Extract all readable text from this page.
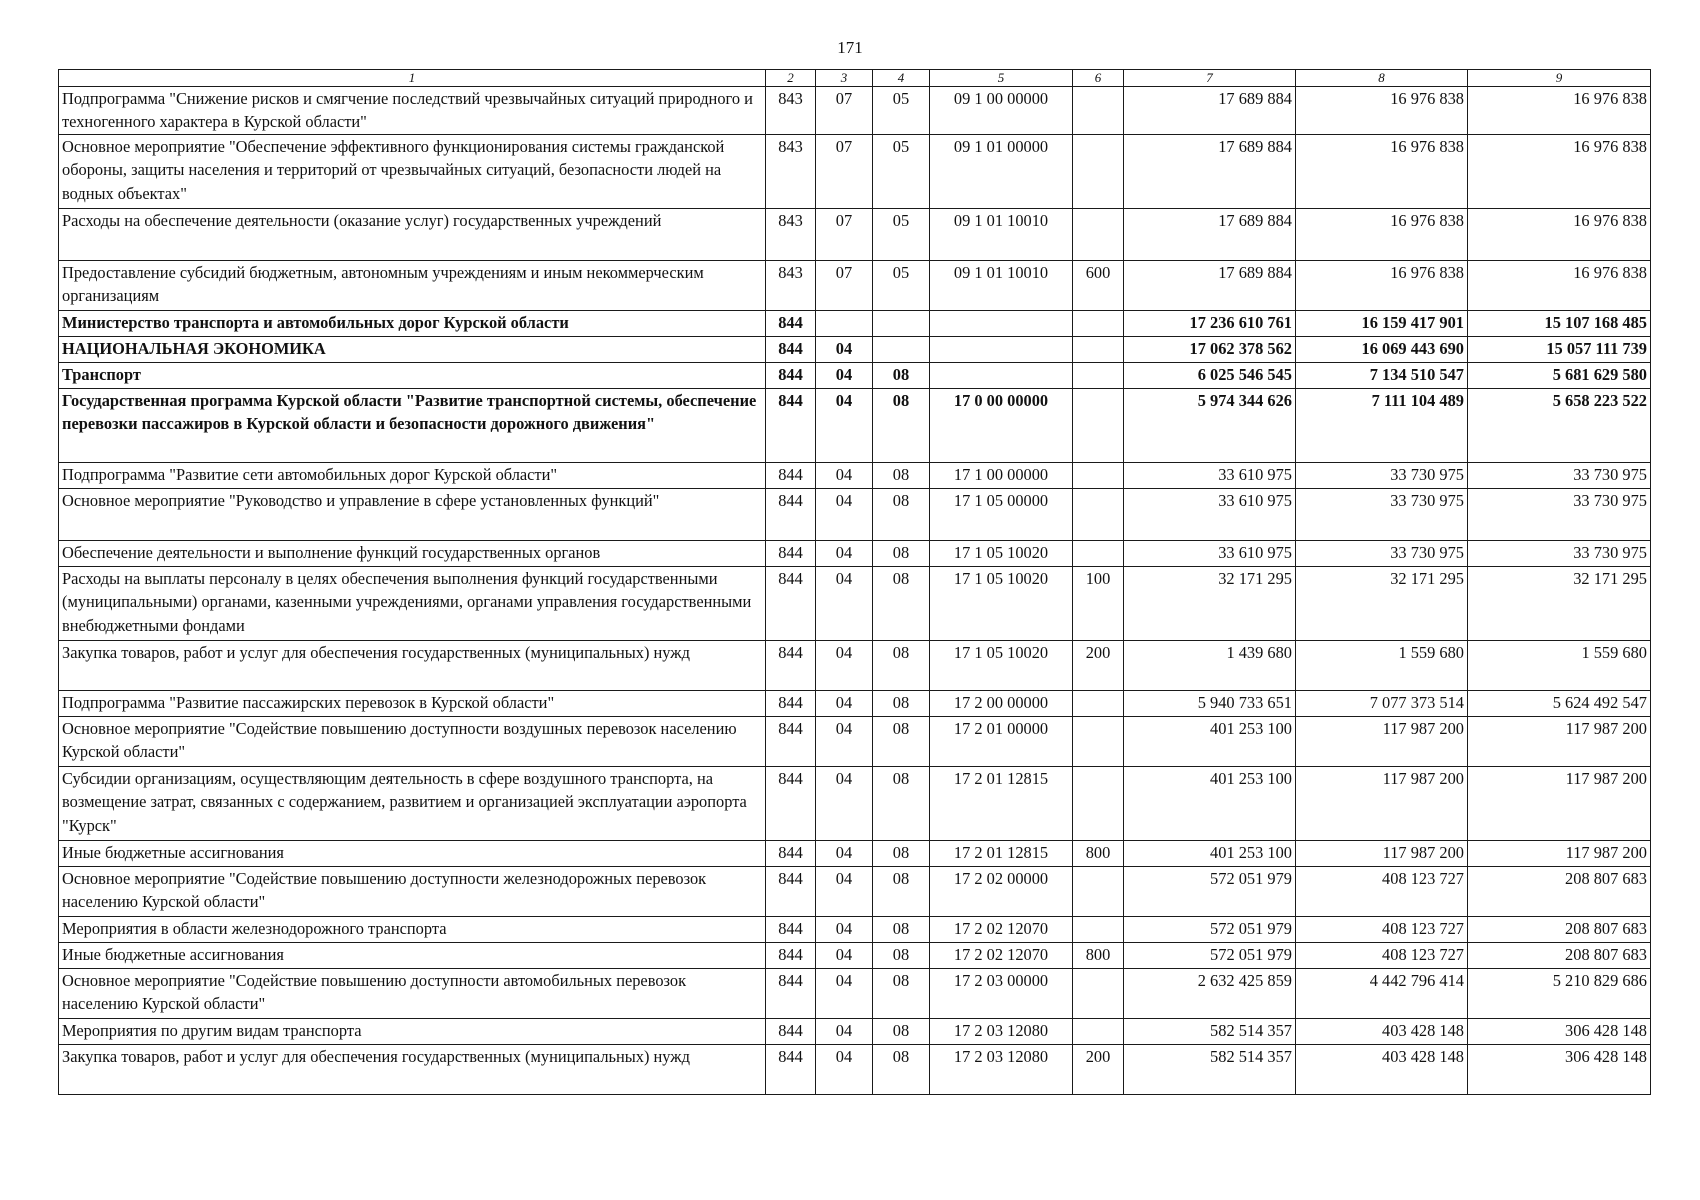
171
1	2	3	4	5	6	7	8	9
Подпрограмма "Снижение рисков и смягчение последствий чрезвычайных ситуаций природного и техногенного характера в Курской области"	843	07	05	09 1 00 00000		17 689 884	16 976 838	16 976 838
Основное мероприятие "Обеспечение эффективного функционирования системы гражданской обороны, защиты населения и территорий от чрезвычайных ситуаций, безопасности людей на водных объектах"	843	07	05	09 1 01 00000		17 689 884	16 976 838	16 976 838
Расходы на обеспечение деятельности (оказание услуг) государственных учреждений	843	07	05	09 1 01 10010		17 689 884	16 976 838	16 976 838
Предоставление субсидий бюджетным, автономным учреждениям и иным некоммерческим организациям	843	07	05	09 1 01 10010	600	17 689 884	16 976 838	16 976 838
Министерство транспорта и автомобильных дорог Курской области	844					17 236 610 761	16 159 417 901	15 107 168 485
НАЦИОНАЛЬНАЯ ЭКОНОМИКА	844	04				17 062 378 562	16 069 443 690	15 057 111 739
Транспорт	844	04	08			6 025 546 545	7 134 510 547	5 681 629 580
Государственная программа Курской области "Развитие транспортной системы, обеспечение перевозки пассажиров в Курской области и безопасности дорожного движения"	844	04	08	17 0 00 00000		5 974 344 626	7 111 104 489	5 658 223 522
Подпрограмма "Развитие сети автомобильных дорог Курской области"	844	04	08	17 1 00 00000		33 610 975	33 730 975	33 730 975
Основное мероприятие "Руководство и управление в сфере установленных функций"	844	04	08	17 1 05 00000		33 610 975	33 730 975	33 730 975
Обеспечение деятельности и выполнение функций государственных органов	844	04	08	17 1 05 10020		33 610 975	33 730 975	33 730 975
Расходы на выплаты персоналу в целях обеспечения выполнения функций государственными (муниципальными) органами, казенными учреждениями, органами управления государственными внебюджетными фондами	844	04	08	17 1 05 10020	100	32 171 295	32 171 295	32 171 295
Закупка товаров, работ и услуг для обеспечения государственных (муниципальных) нужд	844	04	08	17 1 05 10020	200	1 439 680	1 559 680	1 559 680
Подпрограмма "Развитие пассажирских перевозок в Курской области"	844	04	08	17 2 00 00000		5 940 733 651	7 077 373 514	5 624 492 547
Основное мероприятие "Содействие повышению доступности воздушных перевозок населению Курской области"	844	04	08	17 2 01 00000		401 253 100	117 987 200	117 987 200
Субсидии организациям, осуществляющим деятельность в сфере воздушного транспорта, на возмещение затрат, связанных с содержанием, развитием и организацией эксплуатации аэропорта "Курск"	844	04	08	17 2 01 12815		401 253 100	117 987 200	117 987 200
Иные бюджетные ассигнования	844	04	08	17 2 01 12815	800	401 253 100	117 987 200	117 987 200
Основное мероприятие "Содействие повышению доступности железнодорожных перевозок населению Курской области"	844	04	08	17 2 02 00000		572 051 979	408 123 727	208 807 683
Мероприятия в области железнодорожного транспорта	844	04	08	17 2 02 12070		572 051 979	408 123 727	208 807 683
Иные бюджетные ассигнования	844	04	08	17 2 02 12070	800	572 051 979	408 123 727	208 807 683
Основное мероприятие "Содействие повышению доступности автомобильных перевозок населению Курской области"	844	04	08	17 2 03 00000		2 632 425 859	4 442 796 414	5 210 829 686
Мероприятия по другим видам транспорта	844	04	08	17 2 03 12080		582 514 357	403 428 148	306 428 148
Закупка товаров, работ и услуг для обеспечения государственных (муниципальных) нужд	844	04	08	17 2 03 12080	200	582 514 357	403 428 148	306 428 148
